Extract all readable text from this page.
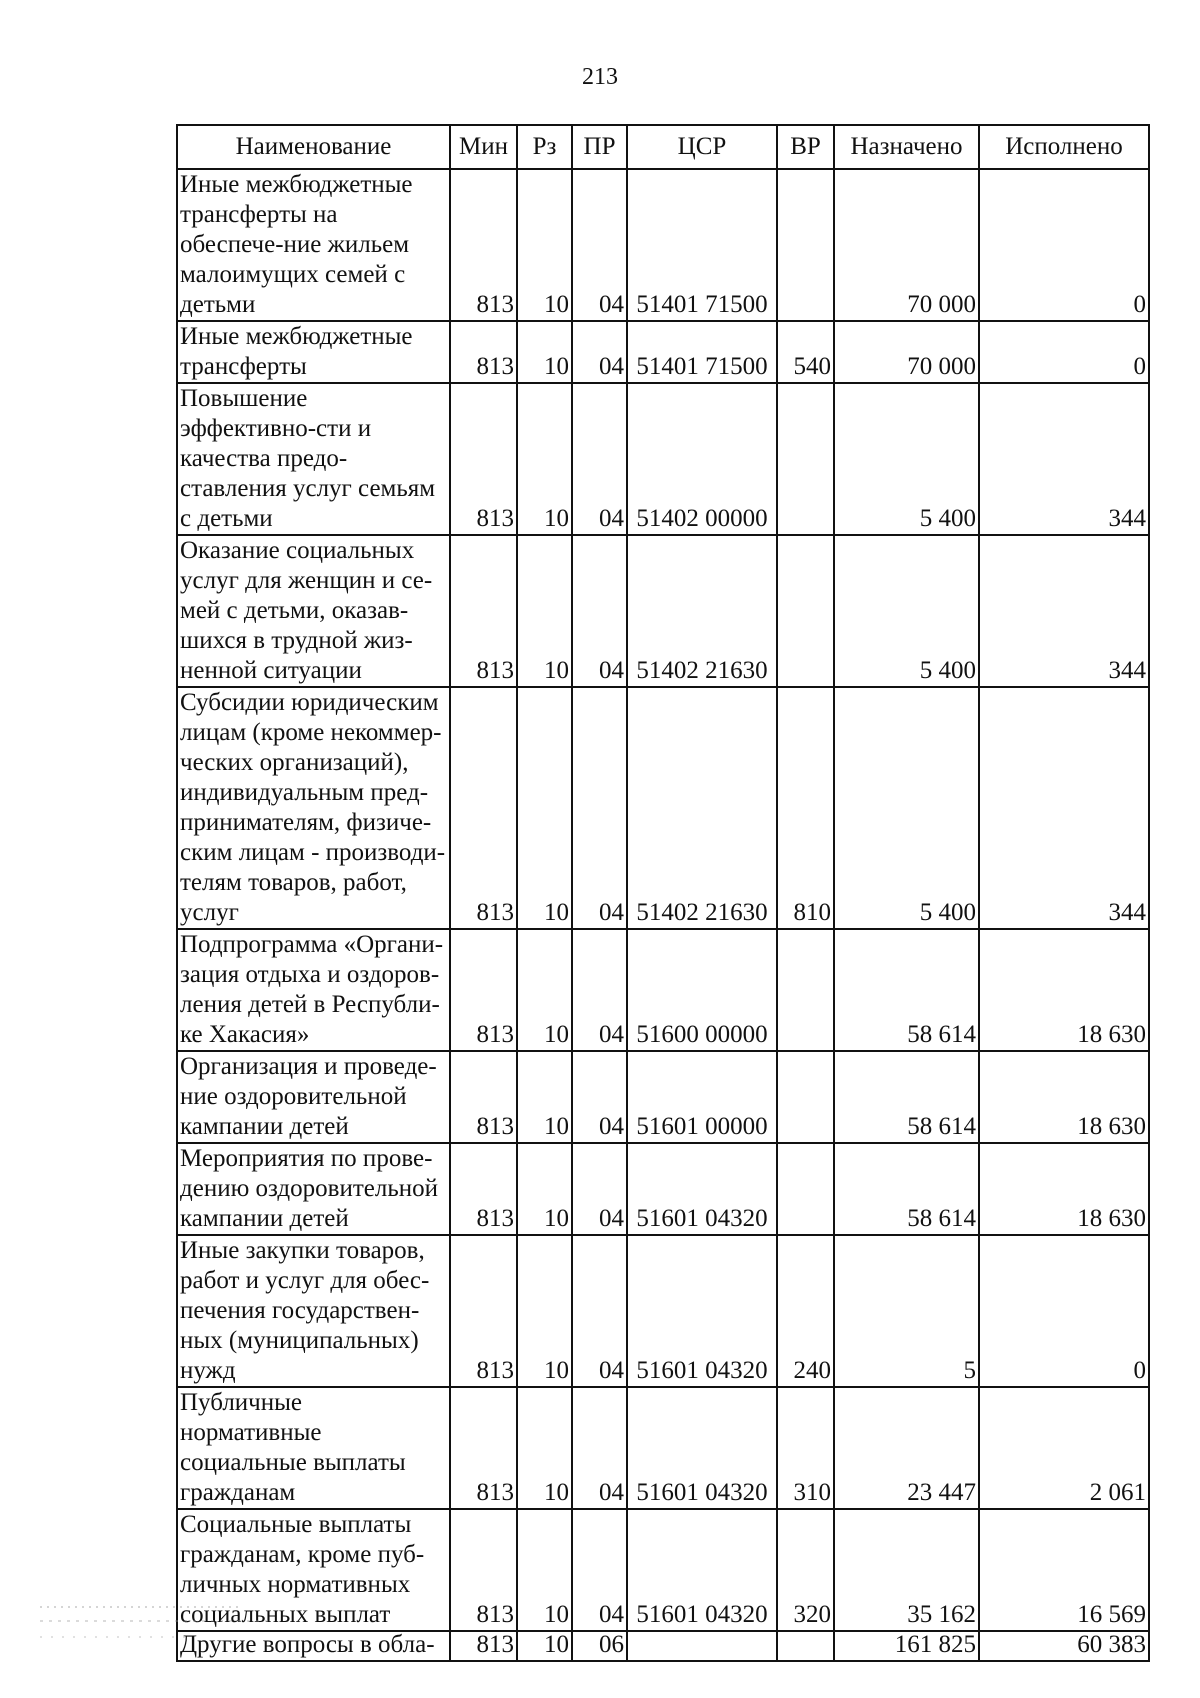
213
Наименование	Мин	Рз	ПР	ЦСР	ВР	Назначено	Исполнено
Иные межбюджетные трансферты на обеспече-ние жильем малоимущих семей с детьми	813	10	04	51401 71500		70 000	0
Иные межбюджетные трансферты	813	10	04	51401 71500	540	70 000	0
Повышение эффективно-сти и качества предо-ставления услуг семьям с детьми	813	10	04	51402 00000		5 400	344
Оказание социальных услуг для женщин и се-мей с детьми, оказав-шихся в трудной жиз-ненной ситуации	813	10	04	51402 21630		5 400	344
Субсидии юридическим лицам (кроме некоммер-ческих организаций), индивидуальным пред-принимателям, физиче-ским лицам - производи-телям товаров, работ, услуг	813	10	04	51402 21630	810	5 400	344
Подпрограмма «Органи-зация отдыха и оздоров-ления детей в Республи-ке Хакасия»	813	10	04	51600 00000		58 614	18 630
Организация и проведе-ние оздоровительной кампании детей	813	10	04	51601 00000		58 614	18 630
Мероприятия по прове-дению оздоровительной кампании детей	813	10	04	51601 04320		58 614	18 630
Иные закупки товаров, работ и услуг для обес-печения государствен-ных (муниципальных) нужд	813	10	04	51601 04320	240	5	0
Публичные нормативные социальные выплаты гражданам	813	10	04	51601 04320	310	23 447	2 061
Социальные выплаты гражданам, кроме пуб-личных нормативных социальных выплат	813	10	04	51601 04320	320	35 162	16 569
Другие вопросы в обла-	813	10	06			161 825	60 383
